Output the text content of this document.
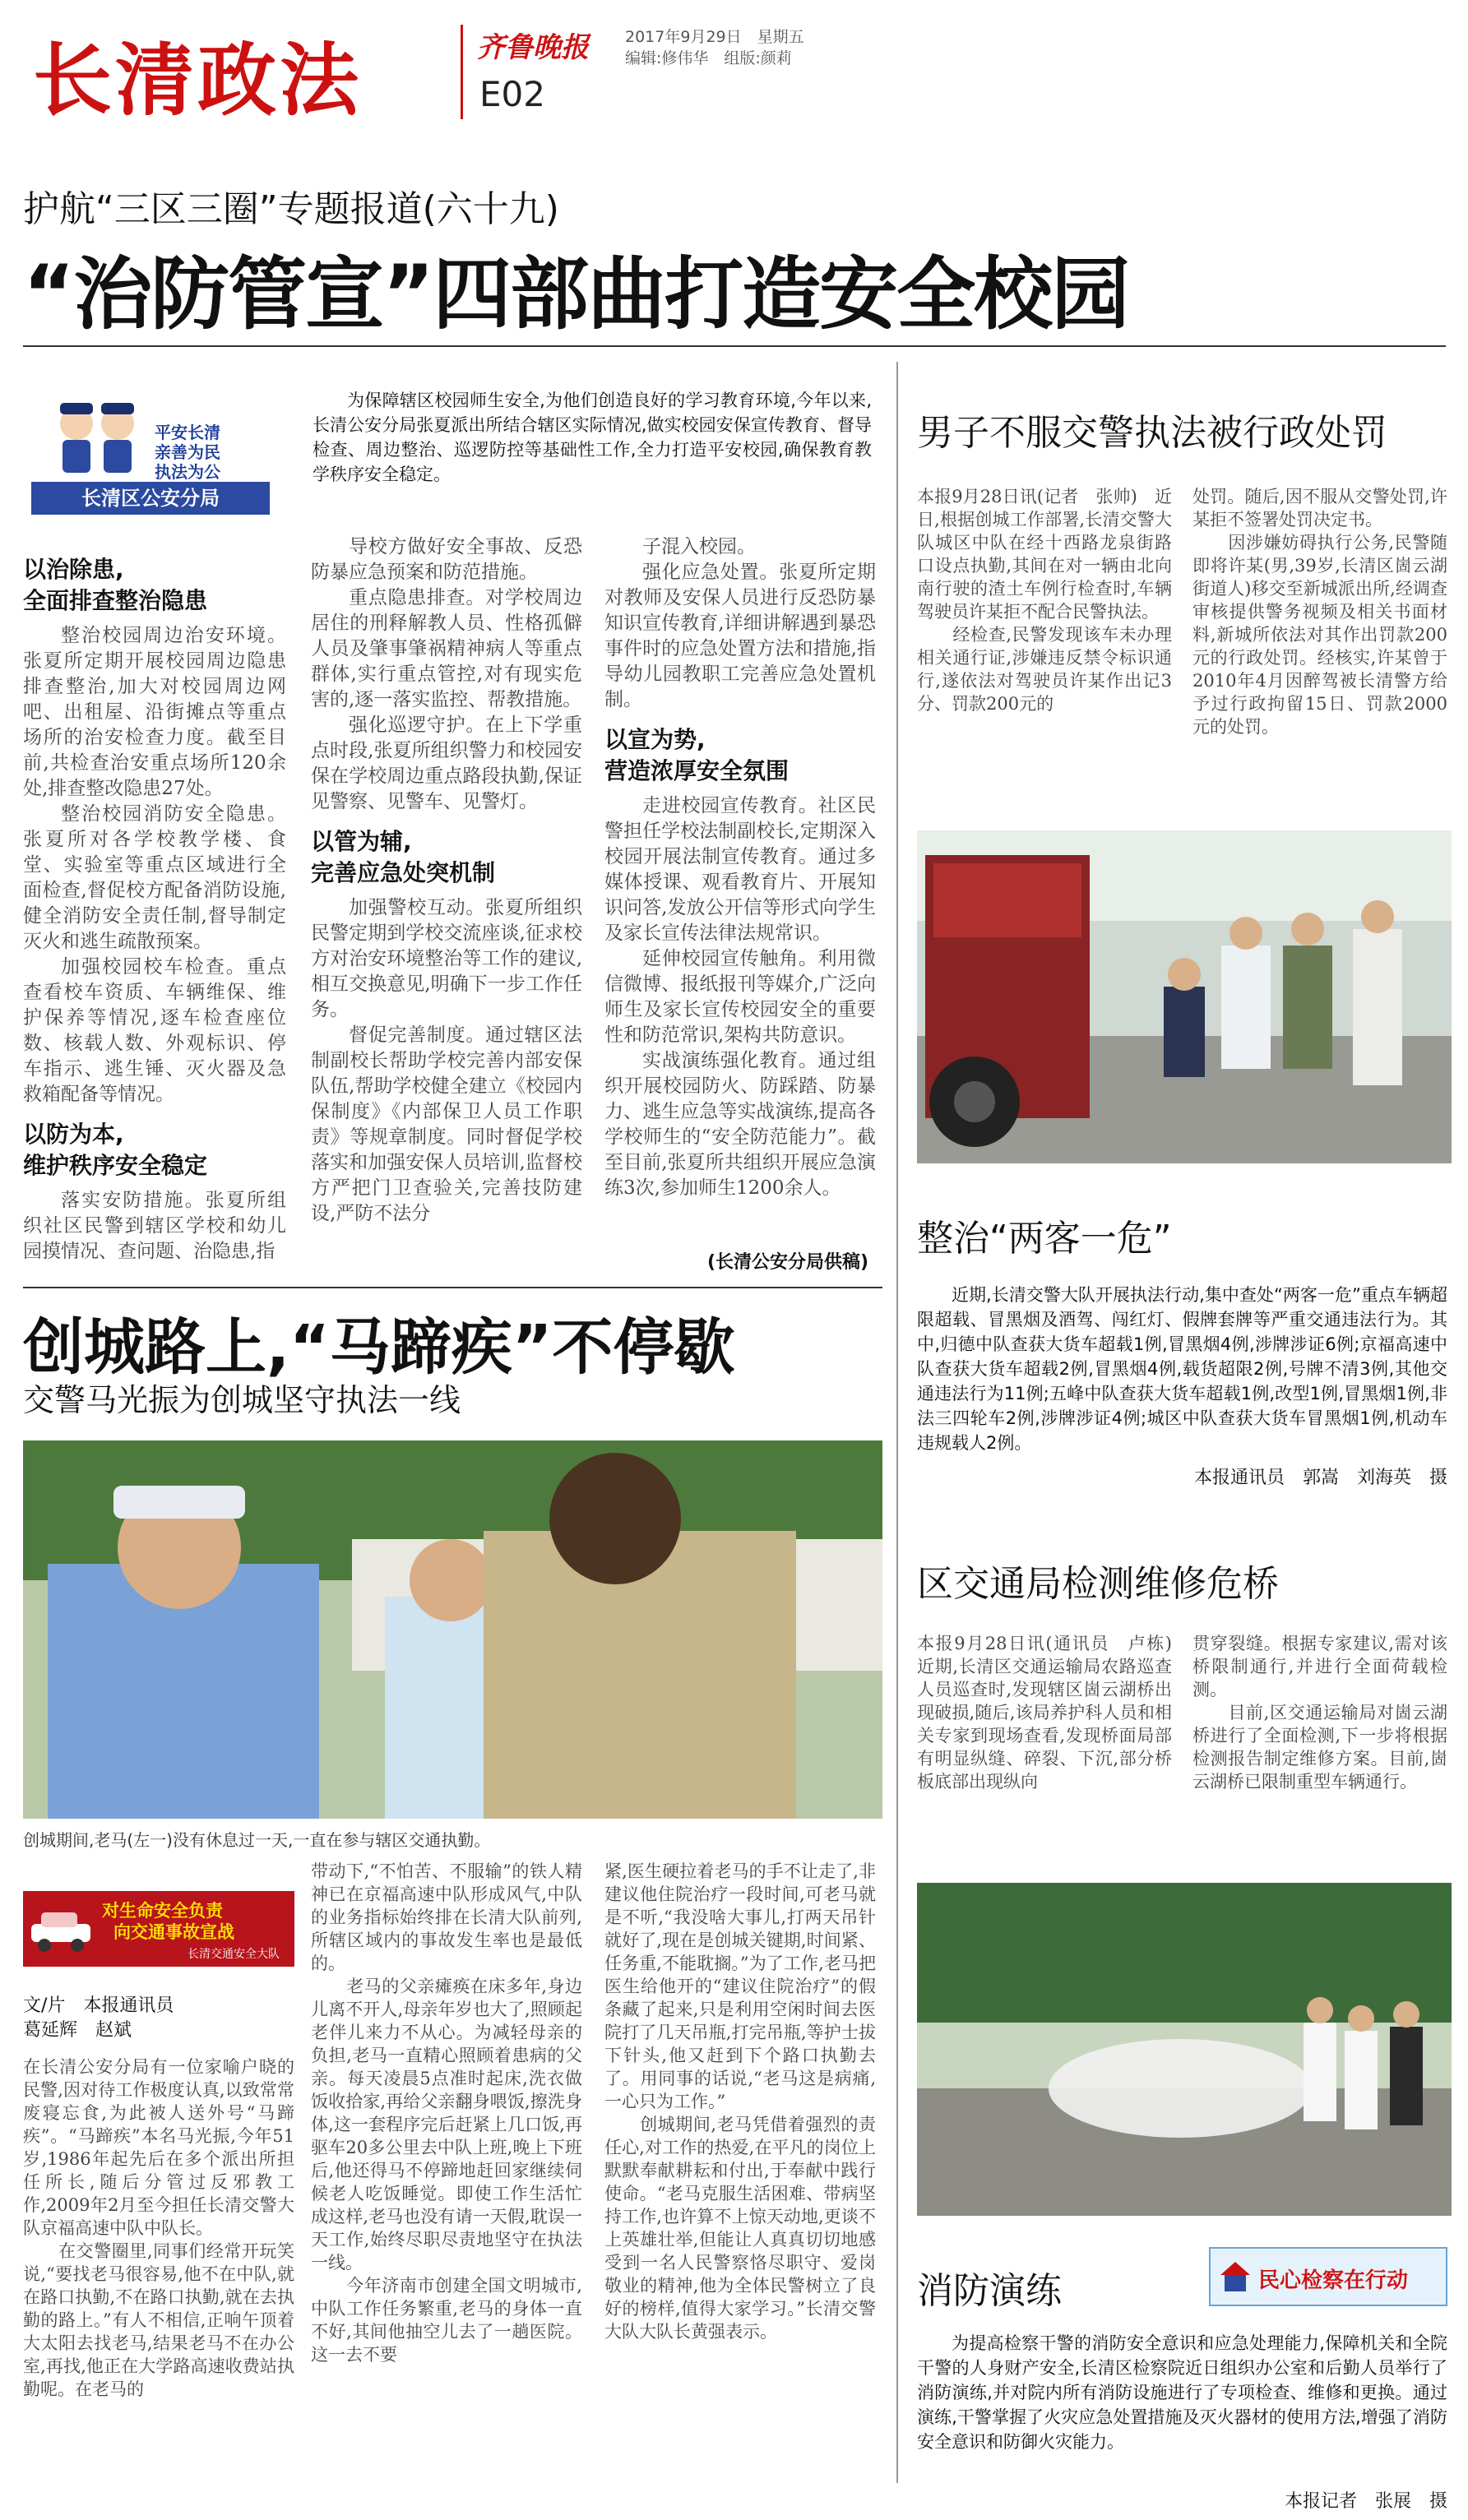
长清政法	齐鲁晚报 2017年9月29日　星期五
编辑:修伟华　组版:颜莉
E02
护航“三区三圈”专题报道(六十九)
“治防管宣”四部曲打造安全校园
平安长清
亲善为民
执法为公
长清区公安分局
为保障辖区校园师生安全,为他们创造良好的学习教育环境,今年以来,长清公安分局张夏派出所结合辖区实际情况,做实校园安保宣传教育、督导检查、周边整治、巡逻防控等基础性工作,全力打造平安校园,确保教育教学秩序安全稳定。
以治除患,
全面排查整治隐患

整治校园周边治安环境。张夏所定期开展校园周边隐患排查整治,加大对校园周边网吧、出租屋、沿街摊点等重点场所的治安检查力度。截至目前,共检查治安重点场所120余处,排查整改隐患27处。

整治校园消防安全隐患。张夏所对各学校教学楼、食堂、实验室等重点区域进行全面检查,督促校方配备消防设施,健全消防安全责任制,督导制定灭火和逃生疏散预案。

加强校园校车检查。重点查看校车资质、车辆维保、维护保养等情况,逐车检查座位数、核载人数、外观标识、停车指示、逃生锤、灭火器及急救箱配备等情况。

以防为本,
维护秩序安全稳定

落实安防措施。张夏所组织社区民警到辖区学校和幼儿园摸情况、查问题、治隐患,指

导校方做好安全事故、反恐防暴应急预案和防范措施。

重点隐患排查。对学校周边居住的刑释解教人员、性格孤僻人员及肇事肇祸精神病人等重点群体,实行重点管控,对有现实危害的,逐一落实监控、帮教措施。

强化巡逻守护。在上下学重点时段,张夏所组织警力和校园安保在学校周边重点路段执勤,保证见警察、见警车、见警灯。

以管为辅,
完善应急处突机制

加强警校互动。张夏所组织民警定期到学校交流座谈,征求校方对治安环境整治等工作的建议,相互交换意见,明确下一步工作任务。

督促完善制度。通过辖区法制副校长帮助学校完善内部安保队伍,帮助学校健全建立《校园内保制度》《内部保卫人员工作职责》等规章制度。同时督促学校落实和加强安保人员培训,监督校方严把门卫查验关,完善技防建设,严防不法分

子混入校园。

强化应急处置。张夏所定期对教师及安保人员进行反恐防暴知识宣传教育,详细讲解遇到暴恐事件时的应急处置方法和措施,指导幼儿园教职工完善应急处置机制。

以宣为势,
营造浓厚安全氛围

走进校园宣传教育。社区民警担任学校法制副校长,定期深入校园开展法制宣传教育。通过多媒体授课、观看教育片、开展知识问答,发放公开信等形式向学生及家长宣传法律法规常识。

延伸校园宣传触角。利用微信微博、报纸报刊等媒介,广泛向师生及家长宣传校园安全的重要性和防范常识,架构共防意识。

实战演练强化教育。通过组织开展校园防火、防踩踏、防暴力、逃生应急等实战演练,提高各学校师生的“安全防范能力”。截至目前,张夏所共组织开展应急演练3次,参加师生1200余人。

(长清公安分局供稿)
男子不服交警执法被行政处罚
本报9月28日讯(记者　张帅)　近日,根据创城工作部署,长清交警大队城区中队在经十西路龙泉街路口设点执勤,其间在对一辆由北向南行驶的渣土车例行检查时,车辆驾驶员许某拒不配合民警执法。
　　经检查,民警发现该车未办理相关通行证,涉嫌违反禁令标识通行,遂依法对驾驶员许某作出记3分、罚款200元的
处罚。随后,因不服从交警处罚,许某拒不签署处罚决定书。
　　因涉嫌妨碍执行公务,民警随即将许某(男,39岁,长清区崮云湖街道人)移交至新城派出所,经调查审核提供警务视频及相关书面材料,新城所依法对其作出罚款200元的行政处罚。经核实,许某曾于2010年4月因醉驾被长清警方给予过行政拘留15日、罚款2000元的处罚。
整治“两客一危”
近期,长清交警大队开展执法行动,集中查处“两客一危”重点车辆超限超载、冒黑烟及酒驾、闯红灯、假牌套牌等严重交通违法行为。其中,归德中队查获大货车超载1例,冒黑烟4例,涉牌涉证6例;京福高速中队查获大货车超载2例,冒黑烟4例,载货超限2例,号牌不清3例,其他交通违法行为11例;五峰中队查获大货车超载1例,改型1例,冒黑烟1例,非法三四轮车2例,涉牌涉证4例;城区中队查获大货车冒黑烟1例,机动车违规载人2例。
本报通讯员　郭嵩　刘海英　摄
区交通局检测维修危桥
本报9月28日讯(通讯员　卢栋)　近期,长清区交通运输局农路巡查人员巡查时,发现辖区崮云湖桥出现破损,随后,该局养护科人员和相关专家到现场查看,发现桥面局部有明显纵缝、碎裂、下沉,部分桥板底部出现纵向
贯穿裂缝。根据专家建议,需对该桥限制通行,并进行全面荷载检测。
　　目前,区交通运输局对崮云湖桥进行了全面检测,下一步将根据检测报告制定维修方案。目前,崮云湖桥已限制重型车辆通行。
消防演练	民心检察在行动
为提高检察干警的消防安全意识和应急处理能力,保障机关和全院干警的人身财产安全,长清区检察院近日组织办公室和后勤人员举行了消防演练,并对院内所有消防设施进行了专项检查、维修和更换。通过演练,干警掌握了火灾应急处置措施及灭火器材的使用方法,增强了消防安全意识和防御火灾能力。
本报记者　张展　摄
创城路上,“马蹄疾”不停歇
交警马光振为创城坚守执法一线
创城期间,老马(左一)没有休息过一天,一直在参与辖区交通执勤。
对生命安全负责
向交通事故宣战
长清交通安全大队
文/片　本报通讯员
葛延辉　赵斌
在长清公安分局有一位家喻户晓的民警,因对待工作极度认真,以致常常废寝忘食,为此被人送外号“马蹄疾”。“马蹄疾”本名马光振,今年51岁,1986年起先后在多个派出所担任所长,随后分管过反邪教工作,2009年2月至今担任长清交警大队京福高速中队中队长。
　　在交警圈里,同事们经常开玩笑说,“要找老马很容易,他不在中队,就在路口执勤,不在路口执勤,就在去执勤的路上。”有人不相信,正响午顶着大太阳去找老马,结果老马不在办公室,再找,他正在大学路高速收费站执勤呢。在老马的
带动下,“不怕苦、不服输”的铁人精神已在京福高速中队形成风气,中队的业务指标始终排在长清大队前列,所辖区域内的事故发生率也是最低的。
　　老马的父亲瘫痪在床多年,身边儿离不开人,母亲年岁也大了,照顾起老伴儿来力不从心。为减轻母亲的负担,老马一直精心照顾着患病的父亲。每天凌晨5点准时起床,洗衣做饭收拾家,再给父亲翻身喂饭,擦洗身体,这一套程序完后赶紧上几口饭,再驱车20多公里去中队上班,晚上下班后,他还得马不停蹄地赶回家继续伺候老人吃饭睡觉。即使工作生活忙成这样,老马也没有请一天假,耽误一天工作,始终尽职尽责地坚守在执法一线。
　　今年济南市创建全国文明城市,中队工作任务繁重,老马的身体一直不好,其间他抽空儿去了一趟医院。这一去不要
紧,医生硬拉着老马的手不让走了,非建议他住院治疗一段时间,可老马就是不听,“我没啥大事儿,打两天吊针就好了,现在是创城关键期,时间紧、任务重,不能耽搁。”为了工作,老马把医生给他开的“建议住院治疗”的假条藏了起来,只是利用空闲时间去医院打了几天吊瓶,打完吊瓶,等护士拔下针头,他又赶到下个路口执勤去了。用同事的话说,“老马这是病痛,一心只为工作。”
　　创城期间,老马凭借着强烈的责任心,对工作的热爱,在平凡的岗位上默默奉献耕耘和付出,于奉献中践行使命。“老马克服生活困难、带病坚持工作,也许算不上惊天动地,更谈不上英雄壮举,但能让人真真切切地感受到一名人民警察恪尽职守、爱岗敬业的精神,他为全体民警树立了良好的榜样,值得大家学习。”长清交警大队大队长黄强表示。
